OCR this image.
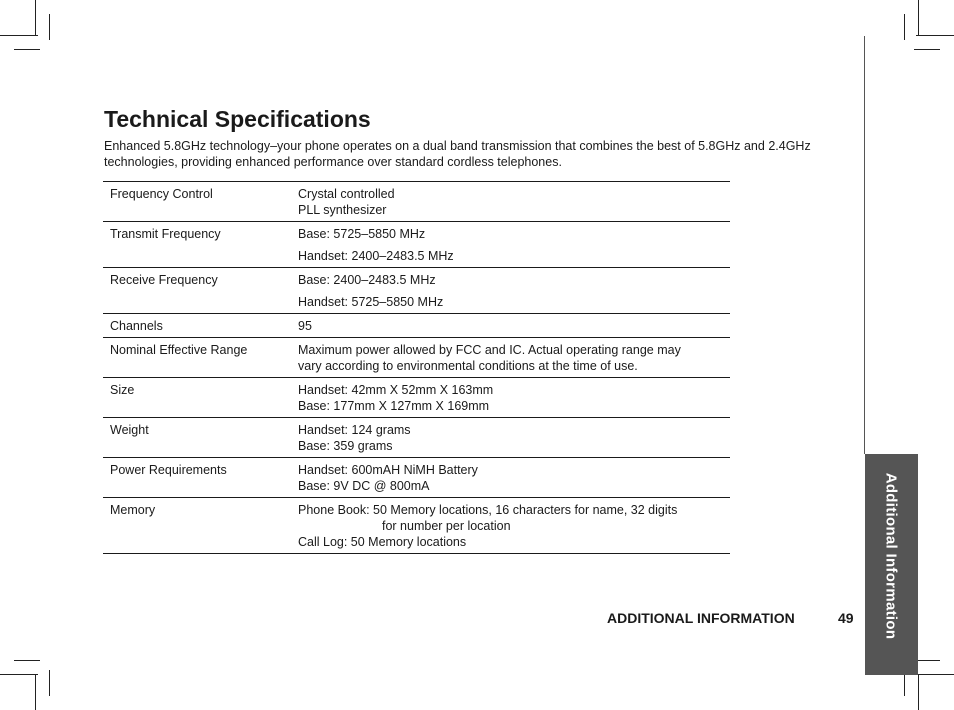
Technical Specifications

Enhanced 5.8GHz technology–your phone operates on a dual band transmission that combines the best of 5.8GHz and 2.4GHz technologies, providing enhanced performance over standard cordless telephones.

Frequency Control	Crystal controlled
PLL synthesizer

Transmit Frequency	Base: 5725–5850 MHz
Handset: 2400–2483.5 MHz

Receive Frequency	Base: 2400–2483.5 MHz
Handset: 5725–5850 MHz

Channels	95

Nominal Effective Range	Maximum power allowed by FCC and IC. Actual operating range may
vary according to environmental conditions at the time of use.

Size	Handset: 42mm X 52mm X 163mm
Base: 177mm X 127mm X 169mm

Weight	Handset: 124 grams
Base: 359 grams

Power Requirements	Handset: 600mAH NiMH Battery
Base: 9V DC @ 800mA

Memory	Phone Book: 50 Memory locations, 16 characters for name, 32 digits
for number per location
Call Log: 50 Memory locations	Additional Information
ADDITIONAL INFORMATION	49
